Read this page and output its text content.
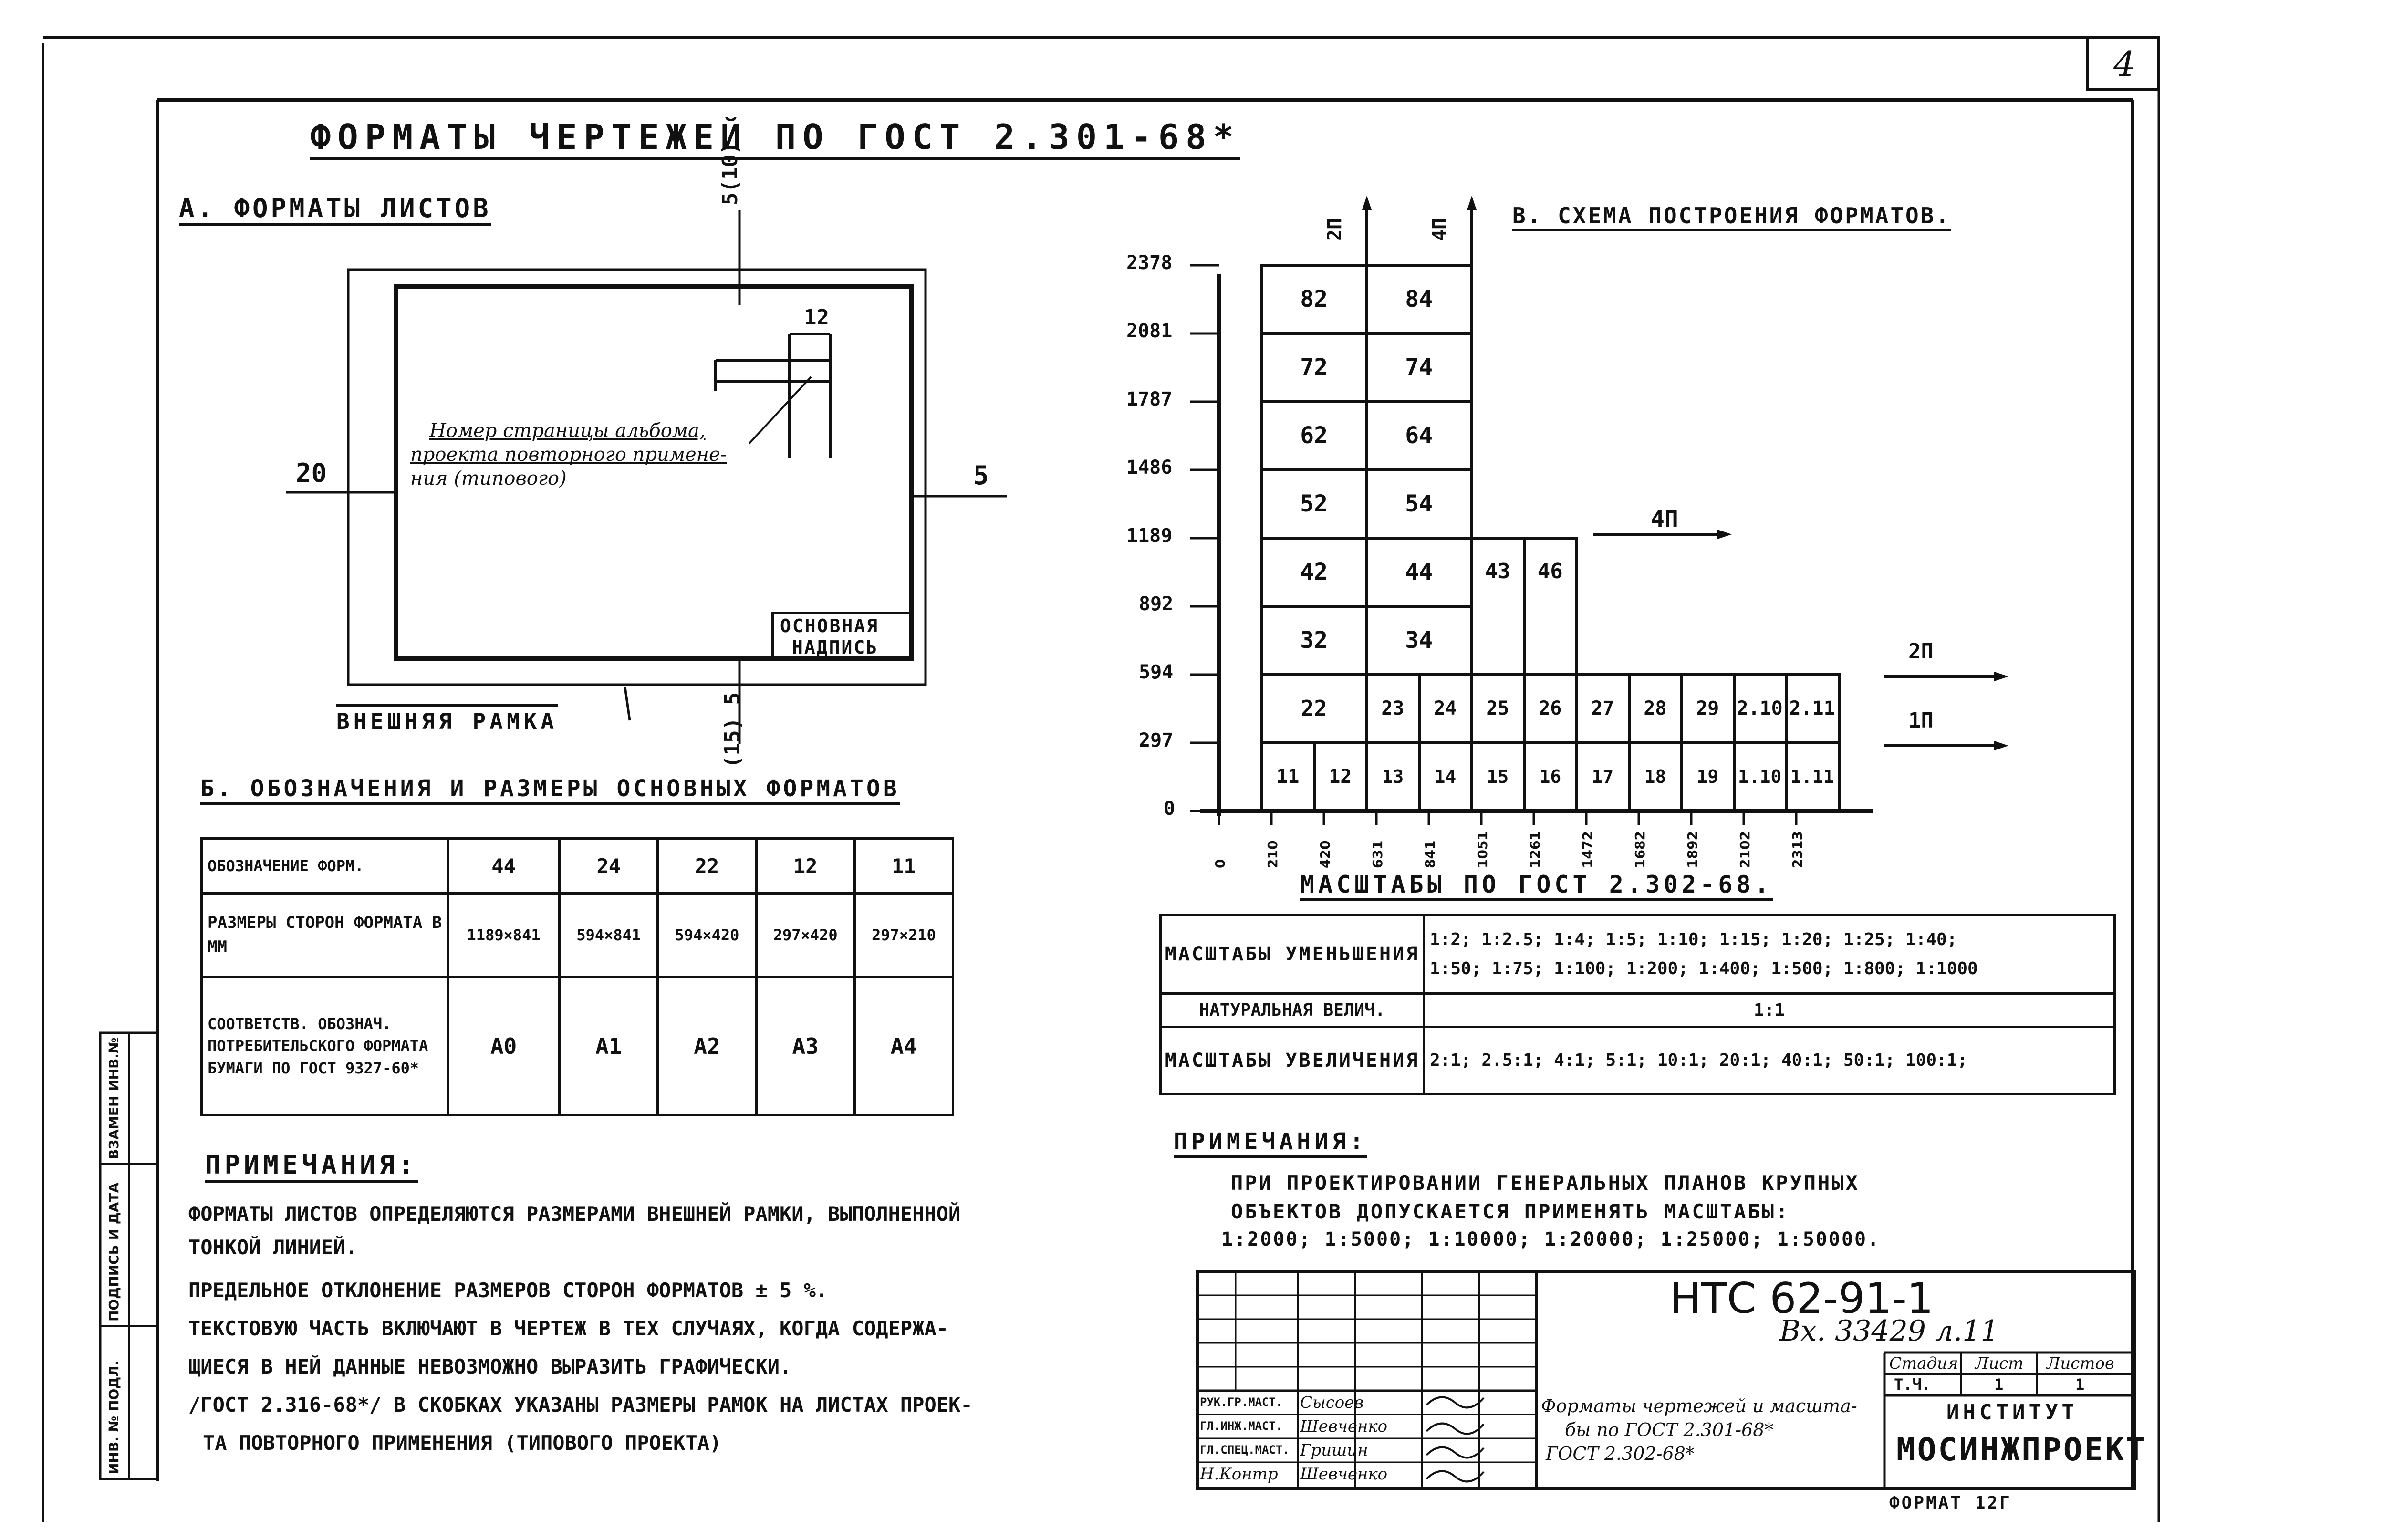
4
ФОРМАТЫ ЧЕРТЕЖЕЙ ПО ГОСТ 2.301-68*
А. ФОРМАТЫ ЛИСТОВ
5(10)
12
20	5
(15) 5
Номер страницы альбома,
проекта повторного примене-
ния (типового)
ОСНОВНАЯ
НАДПИСЬ
ВНЕШНЯЯ РАМКА
Б. ОБОЗНАЧЕНИЯ И РАЗМЕРЫ ОСНОВНЫХ ФОРМАТОВ
ОБОЗНАЧЕНИЕ ФОРМ.	44	24	22	12	11
РАЗМЕРЫ СТОРОН ФОРМАТА В ММ	1189×841	594×841	594×420	297×420	297×210
СООТВЕТСТВ. ОБОЗНАЧ. ПОТРЕБИТЕЛЬСКОГО ФОРМАТА БУМАГИ ПО ГОСТ 9327-60*	А0	А1	А2	А3	А4
ПРИМЕЧАНИЯ:
ФОРМАТЫ ЛИСТОВ ОПРЕДЕЛЯЮТСЯ РАЗМЕРАМИ ВНЕШНЕЙ РАМКИ, ВЫПОЛНЕННОЙ
ТОНКОЙ ЛИНИЕЙ.
ПРЕДЕЛЬНОЕ ОТКЛОНЕНИЕ РАЗМЕРОВ СТОРОН ФОРМАТОВ ± 5 %.
ТЕКСТОВУЮ ЧАСТЬ ВКЛЮЧАЮТ В ЧЕРТЕЖ В ТЕХ СЛУЧАЯХ, КОГДА СОДЕРЖА-
ЩИЕСЯ В НЕЙ ДАННЫЕ НЕВОЗМОЖНО ВЫРАЗИТЬ ГРАФИЧЕСКИ.
/ГОСТ 2.316-68*/ В СКОБКАХ УКАЗАНЫ РАЗМЕРЫ РАМОК НА ЛИСТАХ ПРОЕК-
ТА ПОВТОРНОГО ПРИМЕНЕНИЯ (ТИПОВОГО ПРОЕКТА)
ИНВ. № ПОДЛ.
ПОДПИСЬ И ДАТА
ВЗАМЕН ИНВ.№
В. СХЕМА ПОСТРОЕНИЯ ФОРМАТОВ.
2378
2081
1787
1486
1189
892
594
297
0
0	210	420	631	841	1051	1261	1472	1682	1892	2102	2313
2П	4П
4П
2П
1П
82	84
72	74
62	64
52	54
42	44
32	34
43 46
22	23 24 25 26 27 28 29 2.10 2.11
11 12 13 14 15 16 17 18 19 1.10 1.11
МАСШТАБЫ ПО ГОСТ 2.302-68.
МАСШТАБЫ УМЕНЬШЕНИЯ	1:2; 1:2.5; 1:4; 1:5; 1:10; 1:15; 1:20; 1:25; 1:40;
1:50; 1:75; 1:100; 1:200; 1:400; 1:500; 1:800; 1:1000

НАТУРАЛЬНАЯ ВЕЛИЧ.	1:1
МАСШТАБЫ УВЕЛИЧЕНИЯ	2:1; 2.5:1; 4:1; 5:1; 10:1; 20:1; 40:1; 50:1; 100:1;
ПРИМЕЧАНИЯ:
ПРИ ПРОЕКТИРОВАНИИ ГЕНЕРАЛЬНЫХ ПЛАНОВ КРУПНЫХ
ОБЪЕКТОВ ДОПУСКАЕТСЯ ПРИМЕНЯТЬ МАСШТАБЫ:
1:2000; 1:5000; 1:10000; 1:20000; 1:25000; 1:50000.
НТС 62-91-1
Вх. 33429 л.11
Стадия Лист Листов
Т.Ч.	1	1
ИНСТИТУТ
МОСИНЖПРОЕКТ
Форматы чертежей и масшта-
бы по ГОСТ 2.301-68*
ГОСТ 2.302-68*
РУК.ГР.МАСТ. Сысоев
ГЛ.ИНЖ.МАСТ. Шевченко
ГЛ.СПЕЦ.МАСТ. Гришин
Н.Контр Шевченко
ФОРМАТ 12Г
